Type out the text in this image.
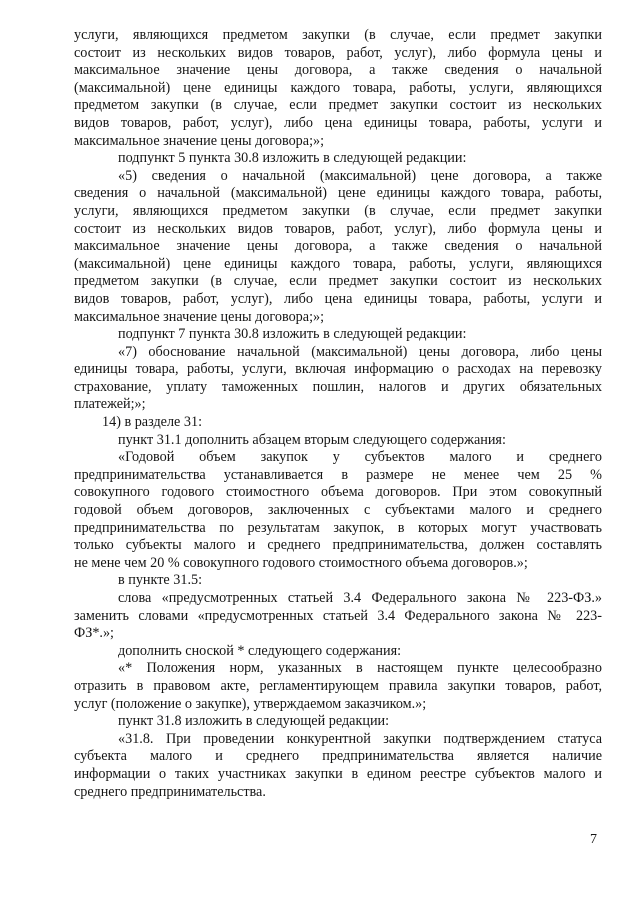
услуги, являющихся предметом закупки (в случае, если предмет закупки
состоит из нескольких видов товаров, работ, услуг), либо формула цены и
максимальное значение цены договора, а также сведения о начальной
(максимальной) цене единицы каждого товара, работы, услуги, являющихся
предметом закупки (в случае, если предмет закупки состоит из нескольких
видов товаров, работ, услуг), либо цена единицы товара, работы, услуги и
максимальное значение цены договора;»;
подпункт 5 пункта 30.8 изложить в следующей редакции:
«5) сведения о начальной (максимальной) цене договора, а также
сведения о начальной (максимальной) цене единицы каждого товара, работы,
услуги, являющихся предметом закупки (в случае, если предмет закупки
состоит из нескольких видов товаров, работ, услуг), либо формула цены и
максимальное значение цены договора, а также сведения о начальной
(максимальной) цене единицы каждого товара, работы, услуги, являющихся
предметом закупки (в случае, если предмет закупки состоит из нескольких
видов товаров, работ, услуг), либо цена единицы товара, работы, услуги и
максимальное значение цены договора;»;
подпункт 7 пункта 30.8 изложить в следующей редакции:
«7) обоснование начальной (максимальной) цены договора, либо цены
единицы товара, работы, услуги, включая информацию о расходах на перевозку
страхование, уплату таможенных пошлин, налогов и других обязательных
платежей;»;
14) в разделе 31:
пункт 31.1 дополнить абзацем вторым следующего содержания:
«Годовой объем закупок у субъектов малого и среднего
предпринимательства устанавливается в размере не менее чем 25 %
совокупного годового стоимостного объема договоров. При этом совокупный
годовой объем договоров, заключенных с субъектами малого и среднего
предпринимательства по результатам закупок, в которых могут участвовать
только субъекты малого и среднего предпринимательства, должен составлять
не мене чем 20 % совокупного годового стоимостного объема договоров.»;
в пункте 31.5:
слова «предусмотренных статьей 3.4 Федерального закона № 223-ФЗ.»
заменить словами «предусмотренных статьей 3.4 Федерального закона № 223-
ФЗ*.»;
дополнить сноской * следующего содержания:
«* Положения норм, указанных в настоящем пункте целесообразно
отразить в правовом акте, регламентирующем правила закупки товаров, работ,
услуг (положение о закупке), утверждаемом заказчиком.»;
пункт 31.8 изложить в следующей редакции:
«31.8. При проведении конкурентной закупки подтверждением статуса
субъекта малого и среднего предпринимательства является наличие
информации о таких участниках закупки в едином реестре субъектов малого и
среднего предпринимательства.
7
